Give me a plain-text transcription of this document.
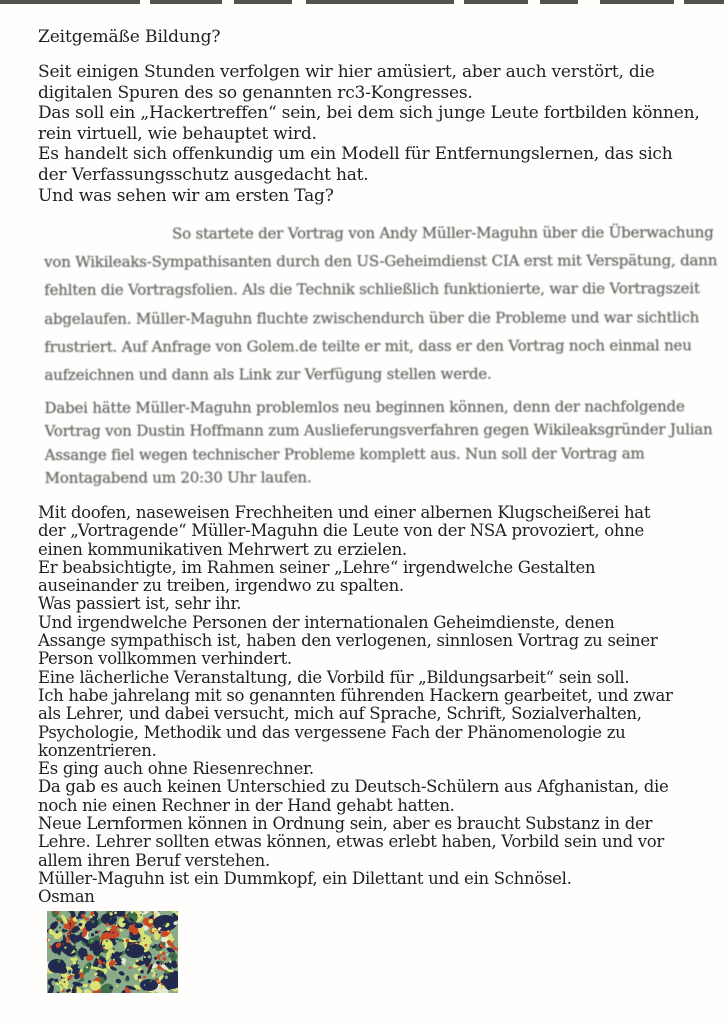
Zeitgemäße Bildung?
Seit einigen Stunden verfolgen wir hier amüsiert, aber auch verstört, die
digitalen Spuren des so genannten rc3-Kongresses.
Das soll ein „Hackertreffen“ sein, bei dem sich junge Leute fortbilden können,
rein virtuell, wie behauptet wird.
Es handelt sich offenkundig um ein Modell für Entfernungslernen, das sich
der Verfassungsschutz ausgedacht hat.
Und was sehen wir am ersten Tag?
So startete der Vortrag von Andy Müller-Maguhn über die Überwachung
von Wikileaks-Sympathisanten durch den US-Geheimdienst CIA erst mit Verspätung, dann
fehlten die Vortragsfolien. Als die Technik schließlich funktionierte, war die Vortragszeit
abgelaufen. Müller-Maguhn fluchte zwischendurch über die Probleme und war sichtlich
frustriert. Auf Anfrage von Golem.de teilte er mit, dass er den Vortrag noch einmal neu
aufzeichnen und dann als Link zur Verfügung stellen werde.
Dabei hätte Müller-Maguhn problemlos neu beginnen können, denn der nachfolgende
Vortrag von Dustin Hoffmann zum Auslieferungsverfahren gegen Wikileaksgründer Julian
Assange fiel wegen technischer Probleme komplett aus. Nun soll der Vortrag am
Montagabend um 20:30 Uhr laufen.
Mit doofen, naseweisen Frechheiten und einer albernen Klugscheißerei hat
der „Vortragende“ Müller-Maguhn die Leute von der NSA provoziert, ohne
einen kommunikativen Mehrwert zu erzielen.
Er beabsichtigte, im Rahmen seiner „Lehre“ irgendwelche Gestalten
auseinander zu treiben, irgendwo zu spalten.
Was passiert ist, sehr ihr.
Und irgendwelche Personen der internationalen Geheimdienste, denen
Assange sympathisch ist, haben den verlogenen, sinnlosen Vortrag zu seiner
Person vollkommen verhindert.
Eine lächerliche Veranstaltung, die Vorbild für „Bildungsarbeit“ sein soll.
Ich habe jahrelang mit so genannten führenden Hackern gearbeitet, und zwar
als Lehrer, und dabei versucht, mich auf Sprache, Schrift, Sozialverhalten,
Psychologie, Methodik und das vergessene Fach der Phänomenologie zu
konzentrieren.
Es ging auch ohne Riesenrechner.
Da gab es auch keinen Unterschied zu Deutsch-Schülern aus Afghanistan, die
noch nie einen Rechner in der Hand gehabt hatten.
Neue Lernformen können in Ordnung sein, aber es braucht Substanz in der
Lehre. Lehrer sollten etwas können, etwas erlebt haben, Vorbild sein und vor
allem ihren Beruf verstehen.
Müller-Maguhn ist ein Dummkopf, ein Dilettant und ein Schnösel.
Osman
